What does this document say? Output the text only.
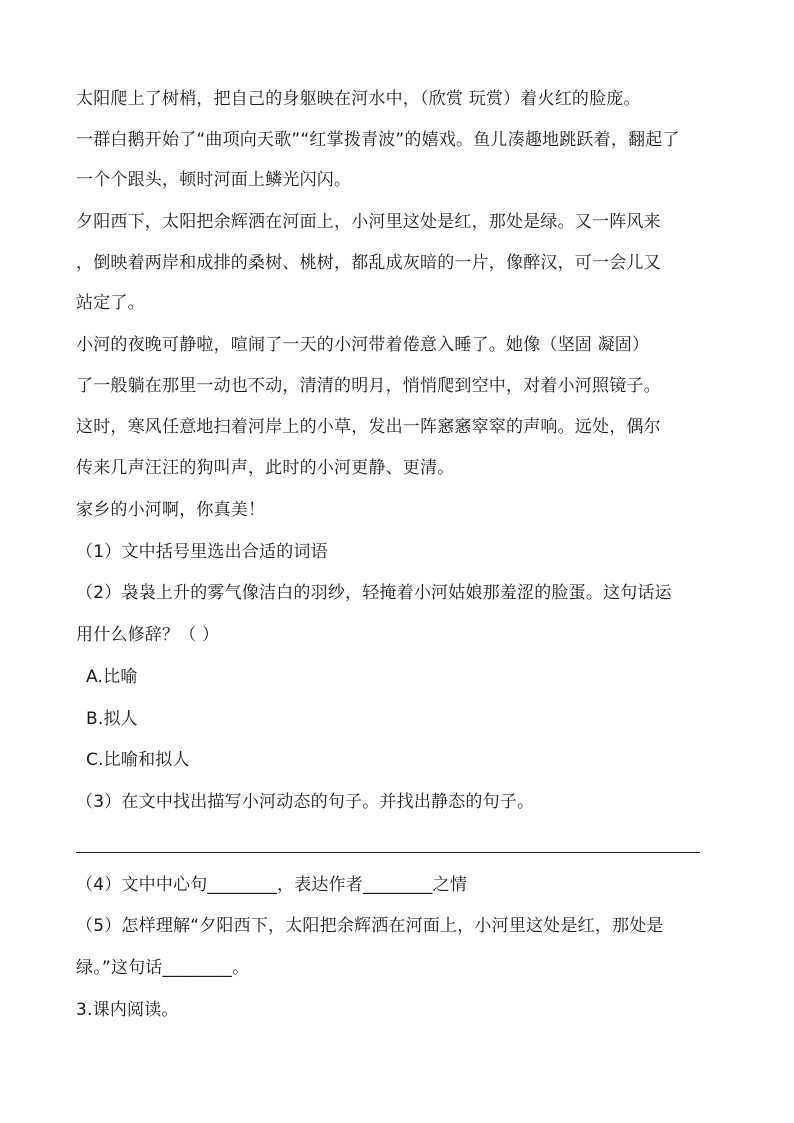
太阳爬上了树梢，把自己的身躯映在河水中，（欣赏 玩赏）着火红的脸庞。
一群白鹅开始了“曲项向天歌”“红掌拨青波”的嬉戏。鱼儿凑趣地跳跃着，翻起了
一个个跟头，顿时河面上鳞光闪闪。
夕阳西下，太阳把余辉洒在河面上，小河里这处是红，那处是绿。又一阵风来
，倒映着两岸和成排的桑树、桃树，都乱成灰暗的一片，像醉汉，可一会儿又
站定了。
小河的夜晚可静啦，喧闹了一天的小河带着倦意入睡了。她像（坚固 凝固）
了一般躺在那里一动也不动，清清的明月，悄悄爬到空中，对着小河照镜子。
这时，寒风任意地扫着河岸上的小草，发出一阵窸窸窣窣的声响。远处，偶尔
传来几声汪汪的狗叫声，此时的小河更静、更清。
家乡的小河啊，你真美！
（1）文中括号里选出合适的词语
（2）袅袅上升的雾气像洁白的羽纱，轻掩着小河姑娘那羞涩的脸蛋。这句话运
用什么修辞？（ ）
A.比喻
B.拟人
C.比喻和拟人
（3）在文中找出描写小河动态的句子。并找出静态的句子。
（4）文中中心句________，表达作者________之情
（5）怎样理解“夕阳西下，太阳把余辉洒在河面上，小河里这处是红，那处是
绿。”这句话________。
3.课内阅读。
